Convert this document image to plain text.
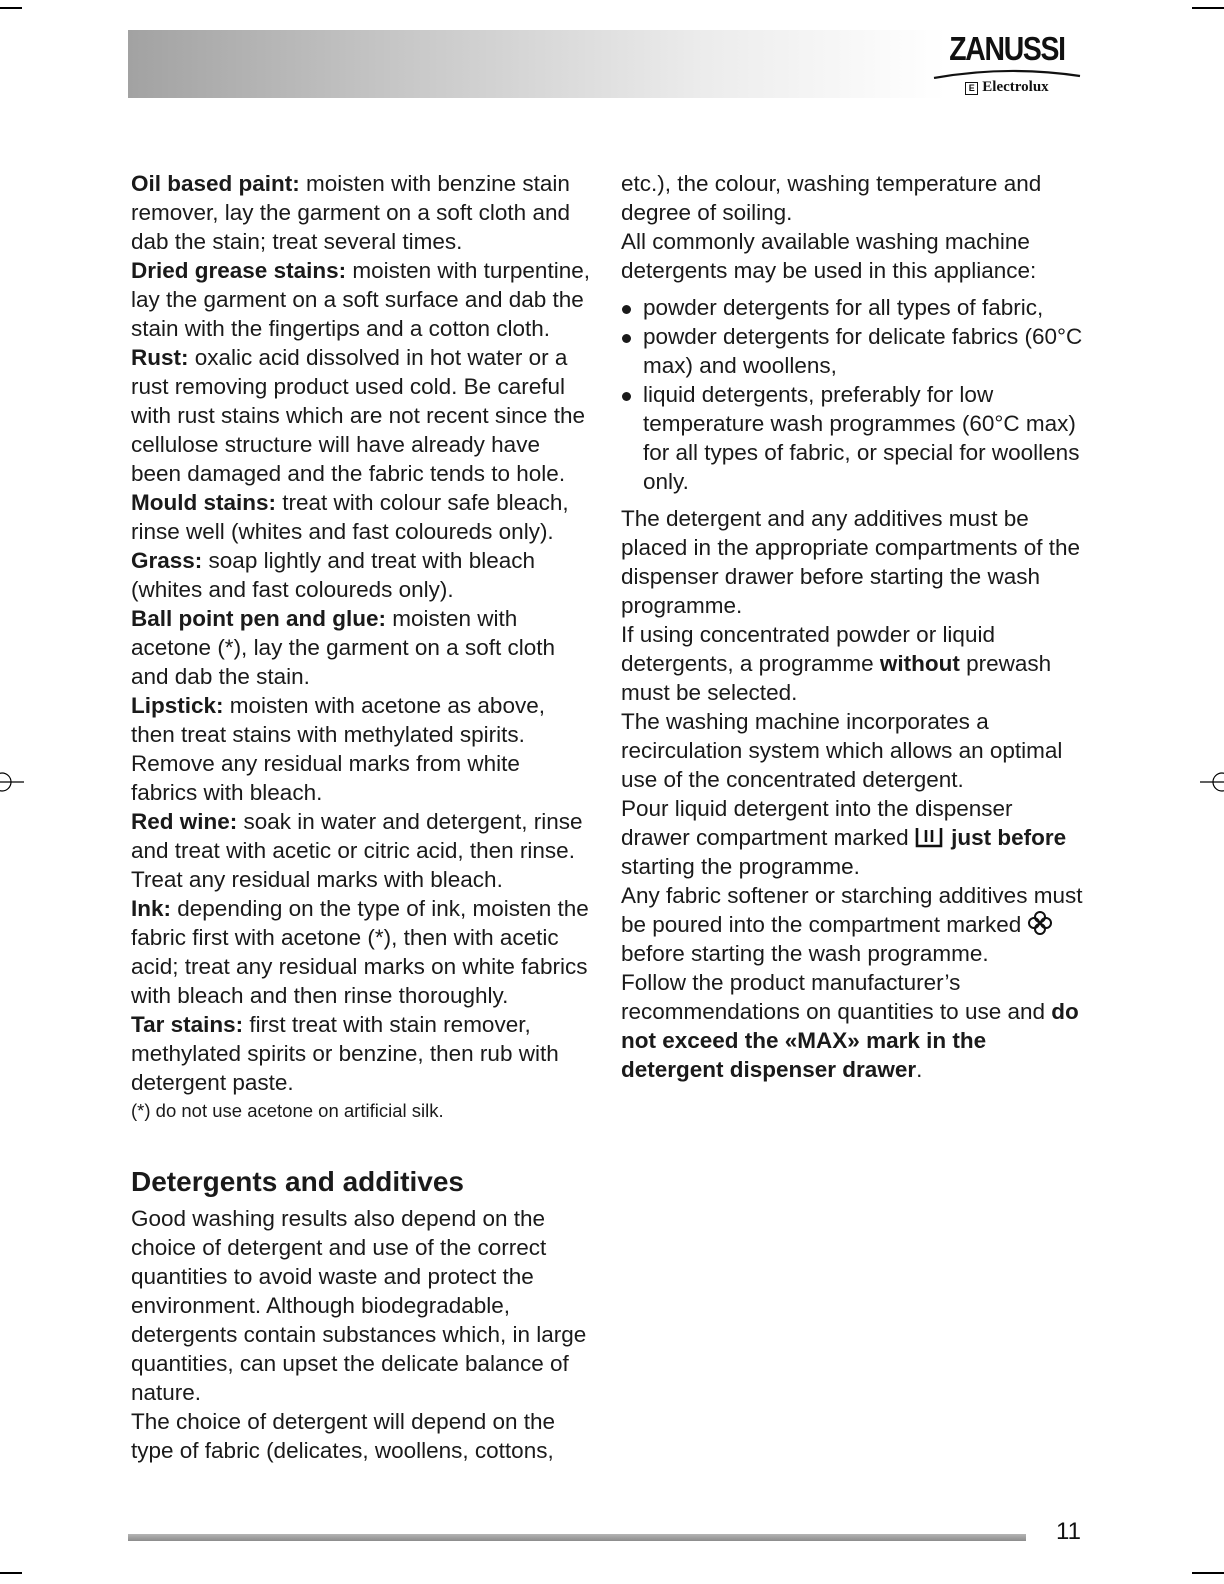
ZANUSSI
E Electrolux

Oil based paint: moisten with benzine stain remover, lay the garment on a soft cloth and dab the stain; treat several times.

Dried grease stains: moisten with turpentine, lay the garment on a soft surface and dab the stain with the fingertips and a cotton cloth.

Rust: oxalic acid dissolved in hot water or a rust removing product used cold. Be careful with rust stains which are not recent since the cellulose structure will have already have been damaged and the fabric tends to hole.

Mould stains: treat with colour safe bleach, rinse well (whites and fast coloureds only).

Grass: soap lightly and treat with bleach (whites and fast coloureds only).

Ball point pen and glue: moisten with acetone (*), lay the garment on a soft cloth and dab the stain.

Lipstick: moisten with acetone as above, then treat stains with methylated spirits. Remove any residual marks from white fabrics with bleach.

Red wine: soak in water and detergent, rinse and treat with acetic or citric acid, then rinse. Treat any residual marks with bleach.

Ink: depending on the type of ink, moisten the fabric first with acetone (*), then with acetic acid; treat any residual marks on white fabrics with bleach and then rinse thoroughly.

Tar stains: first treat with stain remover, methylated spirits or benzine, then rub with detergent paste.

(*) do not use acetone on artificial silk.

Detergents and additives

Good washing results also depend on the choice of detergent and use of the correct quantities to avoid waste and protect the environment. Although biodegradable, detergents contain substances which, in large quantities, can upset the delicate balance of nature.

The choice of detergent will depend on the type of fabric (delicates, woollens, cottons,

etc.), the colour, washing temperature and degree of soiling.

All commonly available washing machine detergents may be used in this appliance:

powder detergents for all types of fabric,
powder detergents for delicate fabrics (60°C max) and woollens,
liquid detergents, preferably for low temperature wash programmes (60°C max) for all types of fabric, or special for woollens only.

The detergent and any additives must be placed in the appropriate compartments of the dispenser drawer before starting the wash programme.

If using concentrated powder or liquid detergents, a programme without prewash must be selected.

The washing machine incorporates a recirculation system which allows an optimal use of the concentrated detergent.

Pour liquid detergent into the dispenser drawer compartment marked  just before starting the programme.

Any fabric softener or starching additives must be poured into the compartment marked  before starting the wash programme.

Follow the product manufacturer’s recommendations on quantities to use and do not exceed the «MAX» mark in the detergent dispenser drawer.

11
